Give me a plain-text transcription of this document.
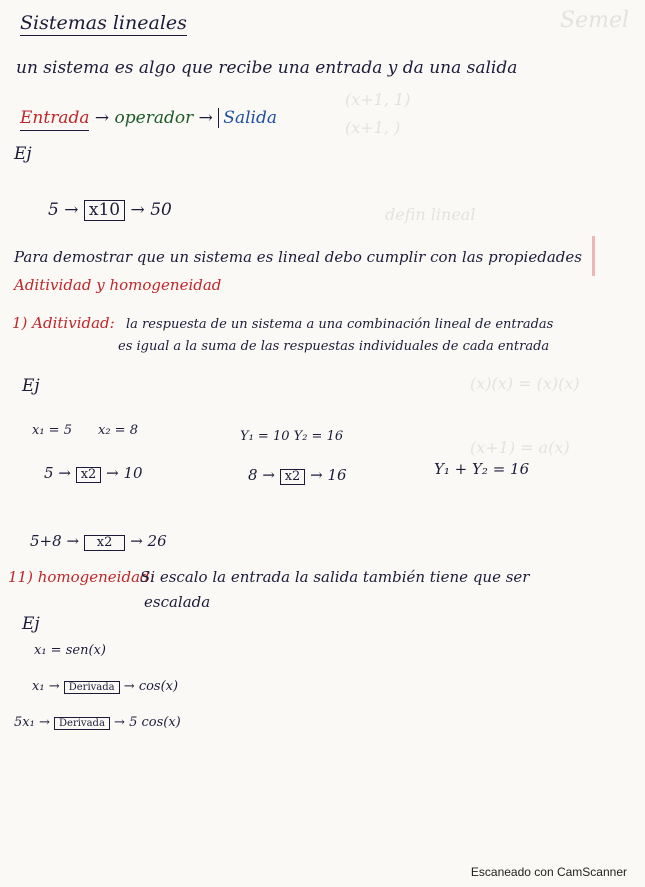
Semel
(x+1, 1)
(x+1, )
defin lineal
(x)(x) = (x)(x)
(x+1) = a(x)
Sistemas lineales
un sistema es algo que recibe una entrada y da una salida
Entrada → operador → Salida
Ej
5 → x10 → 50
Para demostrar que un sistema es lineal debo cumplir con las propiedades
Aditividad y homogeneidad
1) Aditividad: la respuesta de un sistema a una combinación lineal de entradas
es igual a la suma de las respuestas individuales de cada entrada
Ej
x₁ = 5 x₂ = 8	Y₁ = 10 Y₂ = 16
5 → x2 → 10	8 → x2 → 16	Y₁ + Y₂ = 16
5+8 → x2 → 26
11) homogeneidad:
Si escalo la entrada la salida también tiene que ser
escalada
Ej
x₁ = sen(x)
x₁ → Derivada → cos(x)
5x₁ → Derivada → 5 cos(x)
Escaneado con CamScanner
